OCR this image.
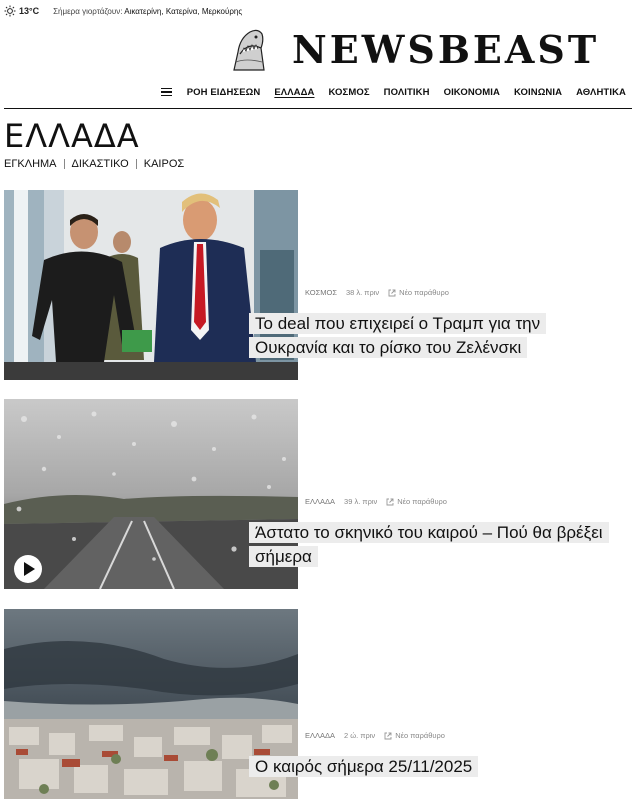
13°C Σήμερα γιορτάζουν: Αικατερίνη, Κατερίνα, Μερκούρης
NEWSBEAST
ΡΟΗ ΕΙΔΗΣΕΩΝ ΕΛΛΑΔΑ ΚΟΣΜΟΣ ΠΟΛΙΤΙΚΗ ΟΙΚΟΝΟΜΙΑ ΚΟΙΝΩΝΙΑ ΑΘΛΗΤΙΚΑ
ΕΛΛΑΔΑ
ΕΓΚΛΗΜΑ ΔΙΚΑΣΤΙΚΟ ΚΑΙΡΟΣ
ΚΟΣΜΟΣ 38 λ. πριν	Νέο παράθυρο
Το deal που επιχειρεί ο Τραμπ για την Ουκρανία και το ρίσκο του Ζελένσκι
ΕΛΛΑΔΑ 39 λ. πριν	Νέο παράθυρο
Άστατο το σκηνικό του καιρού – Πού θα βρέξει σήμερα
ΕΛΛΑΔΑ 2 ώ. πριν	Νέο παράθυρο
Ο καιρός σήμερα 25/11/2025
